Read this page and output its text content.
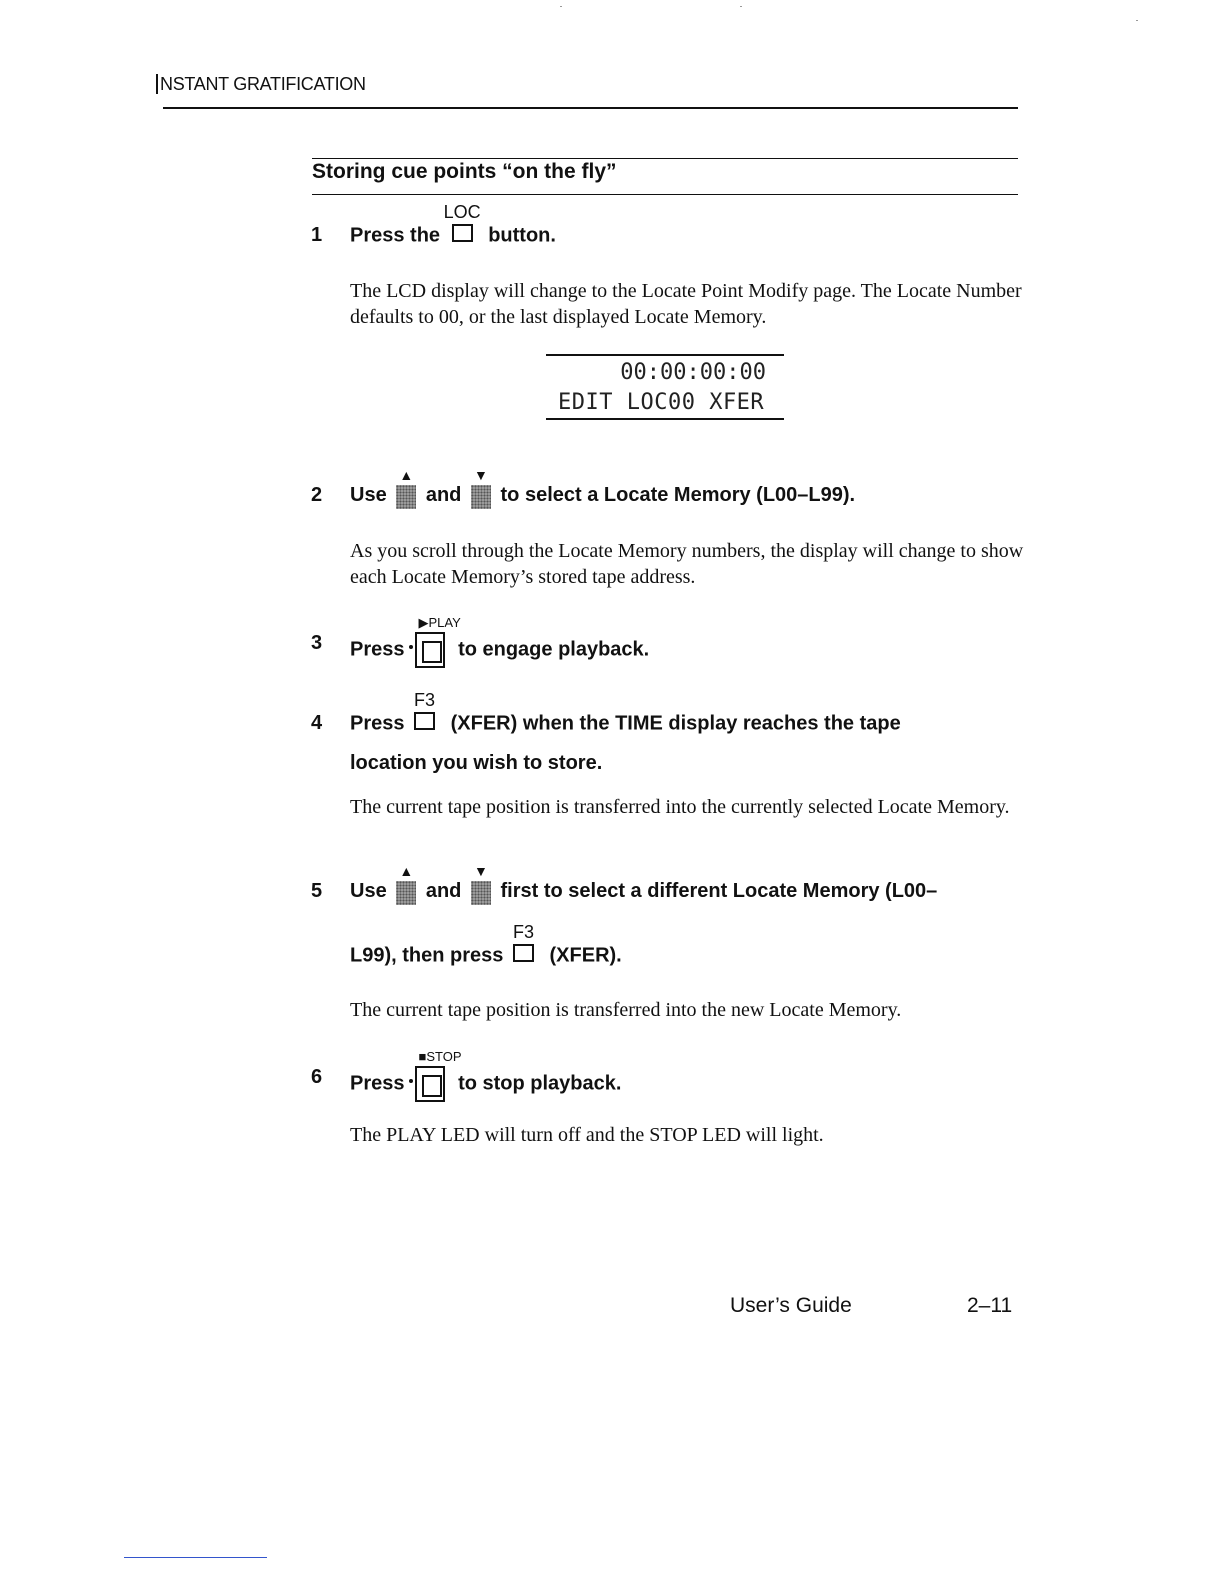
NSTANT GRATIFICATION
Storing cue points “on the fly”
1 Press the
LOC
button.
The LCD display will change to the Locate Point Modify page. The Locate Number defaults to 00, or the last displayed Locate Memory.
00:00:00:00
EDIT LOC00 XFER
2 Use
▲
and
▼
to select a Locate Memory (L00–L99).
As you scroll through the Locate Memory numbers, the display will change to show each Locate Memory’s stored tape address.
3 Press
▶PLAY
to engage playback.
4 Press
F3
(XFER) when the TIME display reaches the tape
location you wish to store.
The current tape position is transferred into the currently selected Locate Memory.
5 Use
▲
and
▼
first to select a different Locate Memory (L00–
L99), then press
F3
(XFER).
The current tape position is transferred into the new Locate Memory.
6 Press
■STOP
to stop playback.
The PLAY LED will turn off and the STOP LED will light.
User’s Guide	2–11
